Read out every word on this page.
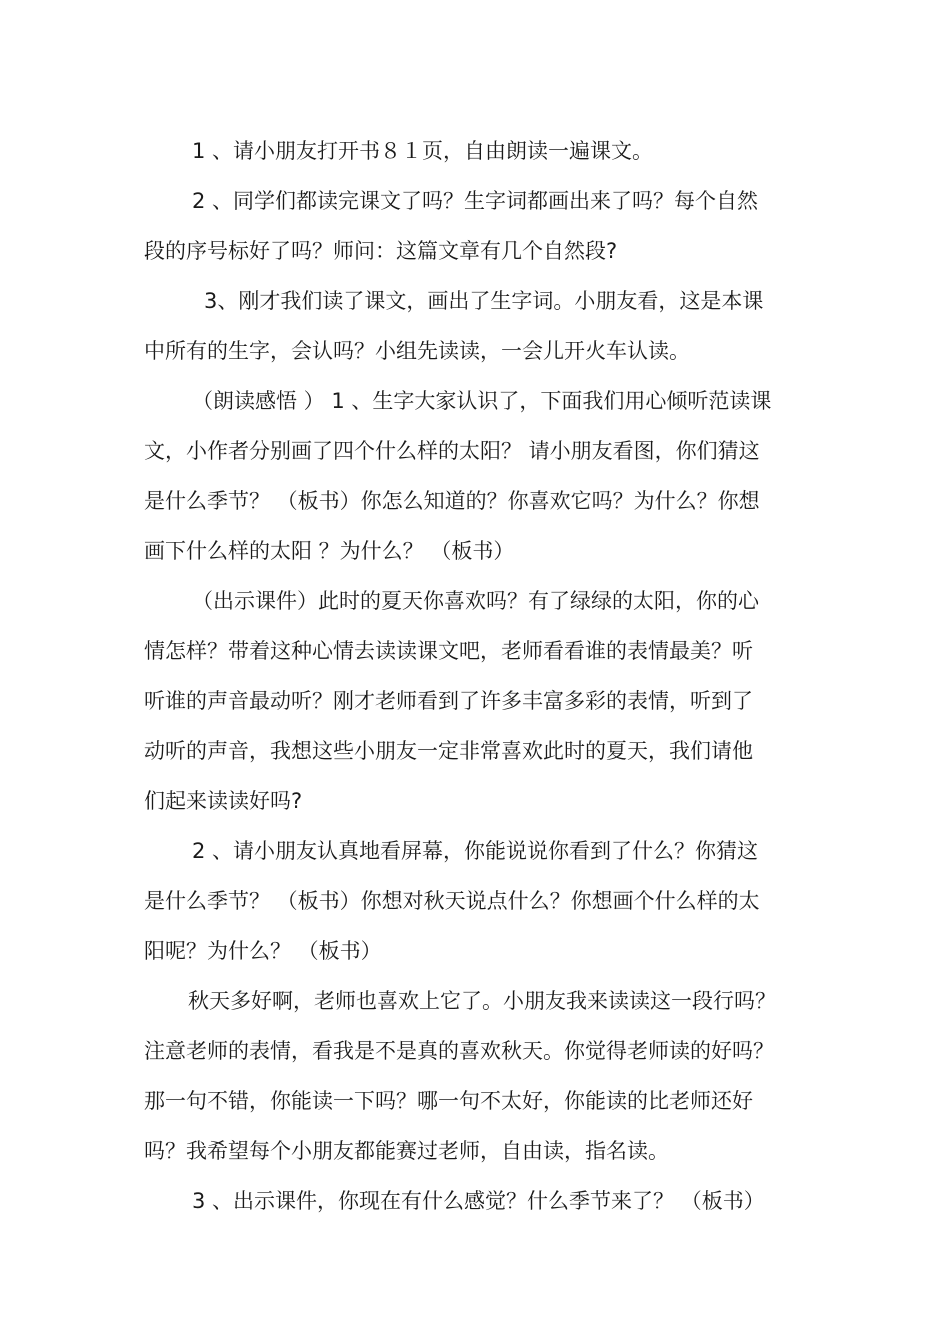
1 、请小朋友打开书８１页，自由朗读一遍课文。
2 、同学们都读完课文了吗？生字词都画出来了吗？每个自然
段的序号标好了吗？师问：这篇文章有几个自然段?
3、刚才我们读了课文，画出了生字词。小朋友看，这是本课
中所有的生字，会认吗？小组先读读，一会儿开火车认读。
（朗读感悟 ） 1 、生字大家认识了，下面我们用心倾听范读课
文，小作者分别画了四个什么样的太阳？ 请小朋友看图，你们猜这
是什么季节？ （板书）你怎么知道的？你喜欢它吗？为什么？你想
画下什么样的太阳 ？为什么？ （板书）
（出示课件）此时的夏天你喜欢吗？有了绿绿的太阳，你的心
情怎样？带着这种心情去读读课文吧，老师看看谁的表情最美？听
听谁的声音最动听？刚才老师看到了许多丰富多彩的表情，听到了
动听的声音，我想这些小朋友一定非常喜欢此时的夏天，我们请他
们起来读读好吗?
2 、请小朋友认真地看屏幕，你能说说你看到了什么？你猜这
是什么季节？ （板书）你想对秋天说点什么？你想画个什么样的太
阳呢？为什么？ （板书）
秋天多好啊，老师也喜欢上它了。小朋友我来读读这一段行吗？
注意老师的表情，看我是不是真的喜欢秋天。你觉得老师读的好吗？
那一句不错，你能读一下吗？哪一句不太好，你能读的比老师还好
吗？我希望每个小朋友都能赛过老师，自由读，指名读。
3 、出示课件，你现在有什么感觉？什么季节来了？ （板书）
